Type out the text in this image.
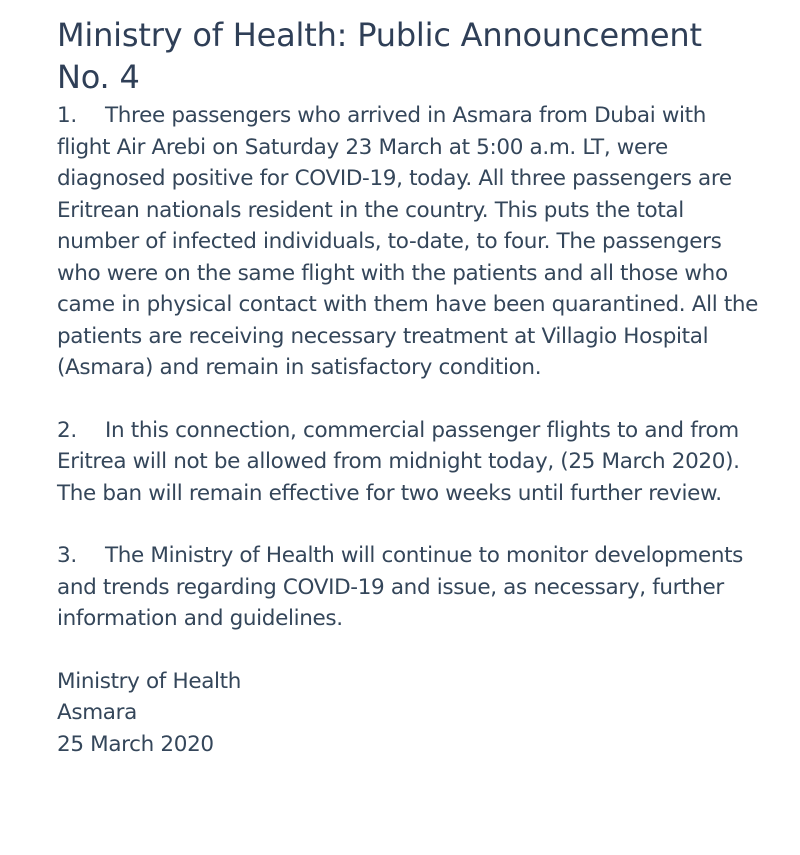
Ministry of Health: Public Announcement No. 4

1. Three passengers who arrived in Asmara from Dubai with flight Air Arebi on Saturday 23 March at 5:00 a.m. LT, were diagnosed positive for COVID-19, today. All three passengers are Eritrean nationals resident in the country. This puts the total number of infected individuals, to-date, to four. The passengers who were on the same flight with the patients and all those who came in physical contact with them have been quarantined. All the patients are receiving necessary treatment at Villagio Hospital (Asmara) and remain in satisfactory condition.

2. In this connection, commercial passenger flights to and from Eritrea will not be allowed from midnight today, (25 March 2020). The ban will remain effective for two weeks until further review.

3. The Ministry of Health will continue to monitor developments and trends regarding COVID-19 and issue, as necessary, further information and guidelines.

Ministry of Health
Asmara
25 March 2020
